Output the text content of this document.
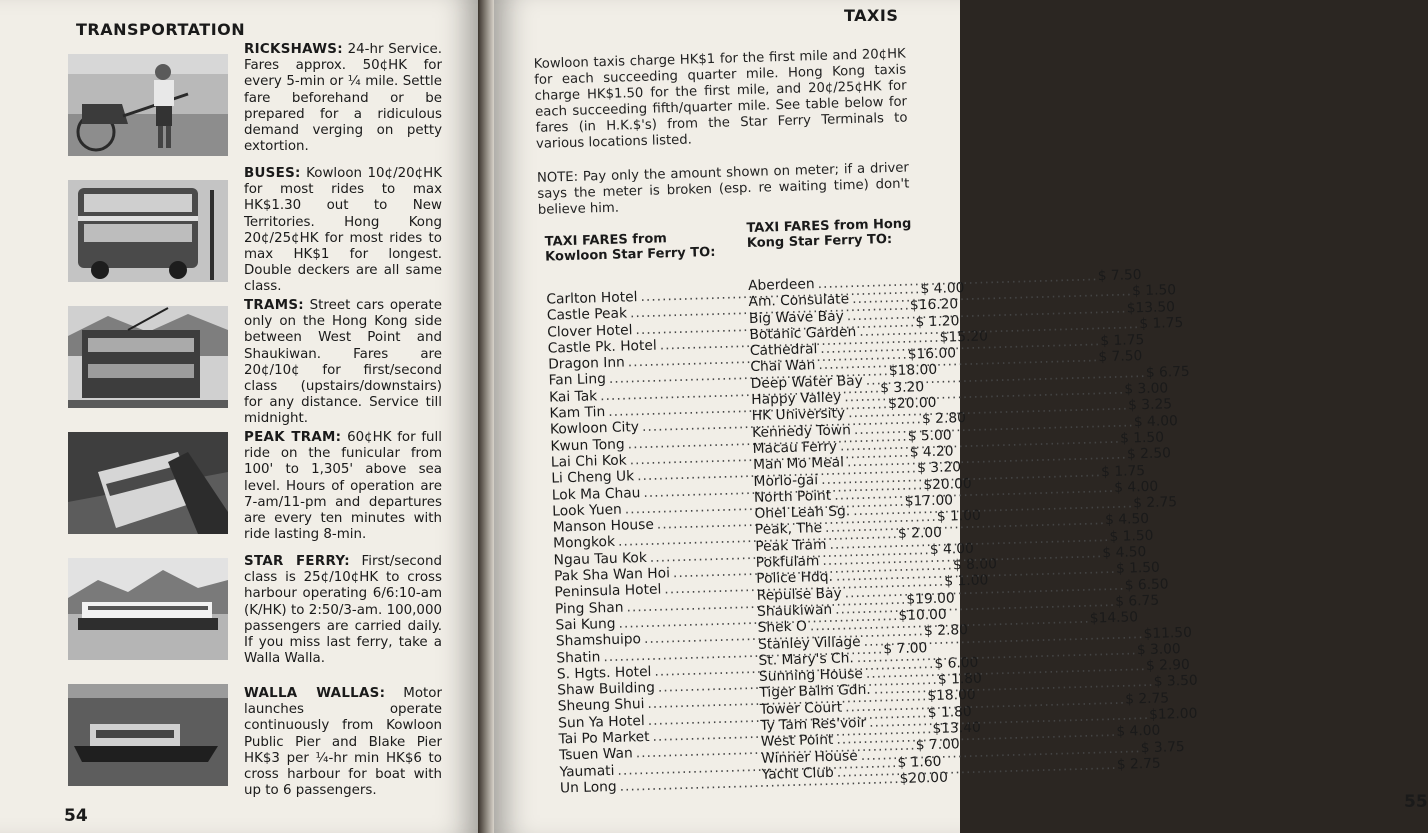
TRANSPORTATION
RICKSHAWS: 24-hr Service. Fares approx. 50¢HK for every 5-min or ¼ mile. Settle fare beforehand or be prepared for a ridiculous demand verging on petty extortion.
BUSES: Kowloon 10¢/20¢HK for most rides to max HK$1.30 out to New Territories. Hong Kong 20¢/25¢HK for most rides to max HK$1 for longest. Double deckers are all same class.
TRAMS: Street cars operate only on the Hong Kong side between West Point and Shaukiwan. Fares are 20¢/10¢ for first/second class (upstairs/downstairs) for any distance. Service till midnight.
PEAK TRAM: 60¢HK for full ride on the funicular from 100' to 1,305' above sea level. Hours of operation are 7-am/11-pm and departures are every ten minutes with ride lasting 8-min.
STAR FERRY: First/second class is 25¢/10¢HK to cross harbour operating 6/6:10-am (K/HK) to 2:50/3-am. 100,000 passengers are carried daily. If you miss last ferry, take a Walla Walla.
WALLA WALLAS: Motor launches operate continuously from Kowloon Public Pier and Blake Pier HK$3 per ¼-hr min HK$6 to cross harbour for boat with up to 6 passengers.
54
TAXIS
Kowloon taxis charge HK$1 for the first mile and 20¢HK for each succeeding quarter mile. Hong Kong taxis charge HK$1.50 for the first mile, and 20¢/25¢HK for each succeeding fifth/quarter mile. See table below for fares (in H.K.$'s) from the Star Ferry Terminals to various locations listed.
NOTE: Pay only the amount shown on meter; if a driver says the meter is broken (esp. re waiting time) don't believe him.
TAXI FARES from Kowloon Star Ferry TO:
TAXI FARES from Hong Kong Star Ferry TO:
Carlton Hotel
.....
$ 4.00
Castle Peak
.....
$16.20
Clover Hotel
.....
$ 1.20
Castle Pk. Hotel
.....
$15.20
Dragon Inn
.....
$16.00
Fan Ling
.....
$18.00
Kai Tak
.....
$ 3.20
Kam Tin
.....
$20.00
Kowloon City
.....
$ 2.80
Kwun Tong
.....
$ 5.00
Lai Chi Kok
.....
$ 4.20
Li Cheng Uk
.....
$ 3.20
Lok Ma Chau
.....
$20.00
Look Yuen
.....
$17.00
Manson House
.....
$ 1.00
Mongkok
.....
$ 2.00
Ngau Tau Kok
.....
$ 4.00
Pak Sha Wan Hoi
.....
$ 8.00
Peninsula Hotel
.....
$ 1.00
Ping Shan
.....
$19.00
Sai Kung
.....
$10.00
Shamshuipo
.....
$ 2.80
Shatin
.....
$ 7.00
S. Hgts. Hotel
.....
$ 6.00
Shaw Building
.....
$ 1.80
Sheung Shui
.....
$18.00
Sun Ya Hotel
.....
$ 1.80
Tai Po Market
.....
$13.40
Tsuen Wan
.....
$ 7.00
Yaumati
.....
$ 1.60
Un Long
.....
$20.00
Aberdeen
.....
$ 7.50
Am. Consulate
.....
$ 1.50
Big Wave Bay
.....
$13.50
Botanic Garden
.....
$ 1.75
Cathedral
.....
$ 1.75
Chai Wan
.....
$ 7.50
Deep Water Bay
.....
$ 6.75
Happy Valley
.....
$ 3.00
HK University
.....
$ 3.25
Kennedy Town
.....
$ 4.00
Macau Ferry
.....
$ 1.50
Man Mo Meal
.....
$ 2.50
Morlo-gai
.....
$ 1.75
North Point
.....
$ 4.00
Ohel Leah Sg.
.....
$ 2.75
Peak, The
.....
$ 4.50
Peak Tram
.....
$ 1.50
Pokfulam
.....
$ 4.50
Police Hdq.
.....
$ 1.50
Repulse Bay
.....
$ 6.50
Shaukiwan
.....
$ 6.75
Shek O
.....
$14.50
Stanley Village
.....
$11.50
St. Mary's Ch.
.....
$ 3.00
Sunning House
.....
$ 2.90
Tiger Balm Gdn.
.....
$ 3.50
Tower Court
.....
$ 2.75
Ty Tam Res'voir
.....
$12.00
West Point
.....
$ 4.00
Winner House
.....
$ 3.75
Yacht Club
.....
$ 2.75
55
